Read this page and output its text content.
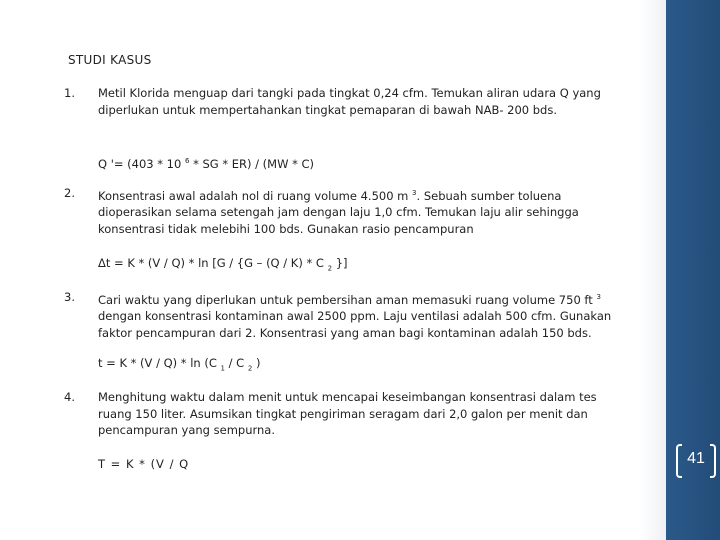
STUDI KASUS
1. Metil Klorida menguap dari tangki pada tingkat 0,24 cfm. Temukan aliran udara Q yang diperlukan untuk mempertahankan tingkat pemaparan di bawah NAB- 200 bds.
Q '= (403 * 10 $^6$ * SG * ER) / (MW * C)
2. Konsentrasi awal adalah nol di ruang volume 4.500 m $^3$. Sebuah sumber toluena dioperasikan selama setengah jam dengan laju 1,0 cfm. Temukan laju alir sehingga konsentrasi tidak melebihi 100 bds. Gunakan rasio pencampuran
Δt = K * (V / Q) * ln [G / {G – (Q / K) * C $_2$ }]
3. Cari waktu yang diperlukan untuk pembersihan aman memasuki ruang volume 750 ft $^3$ dengan konsentrasi kontaminan awal 2500 ppm. Laju ventilasi adalah 500 cfm. Gunakan faktor pencampuran dari 2. Konsentrasi yang aman bagi kontaminan adalah 150 bds.
t = K * (V / Q) * ln (C $_1$ / C $_2$ )
4. Menghitung waktu dalam menit untuk mencapai keseimbangan konsentrasi dalam tes ruang 150 liter. Asumsikan tingkat pengiriman seragam dari 2,0 galon per menit dan pencampuran yang sempurna.
T = K * (V / Q	41
